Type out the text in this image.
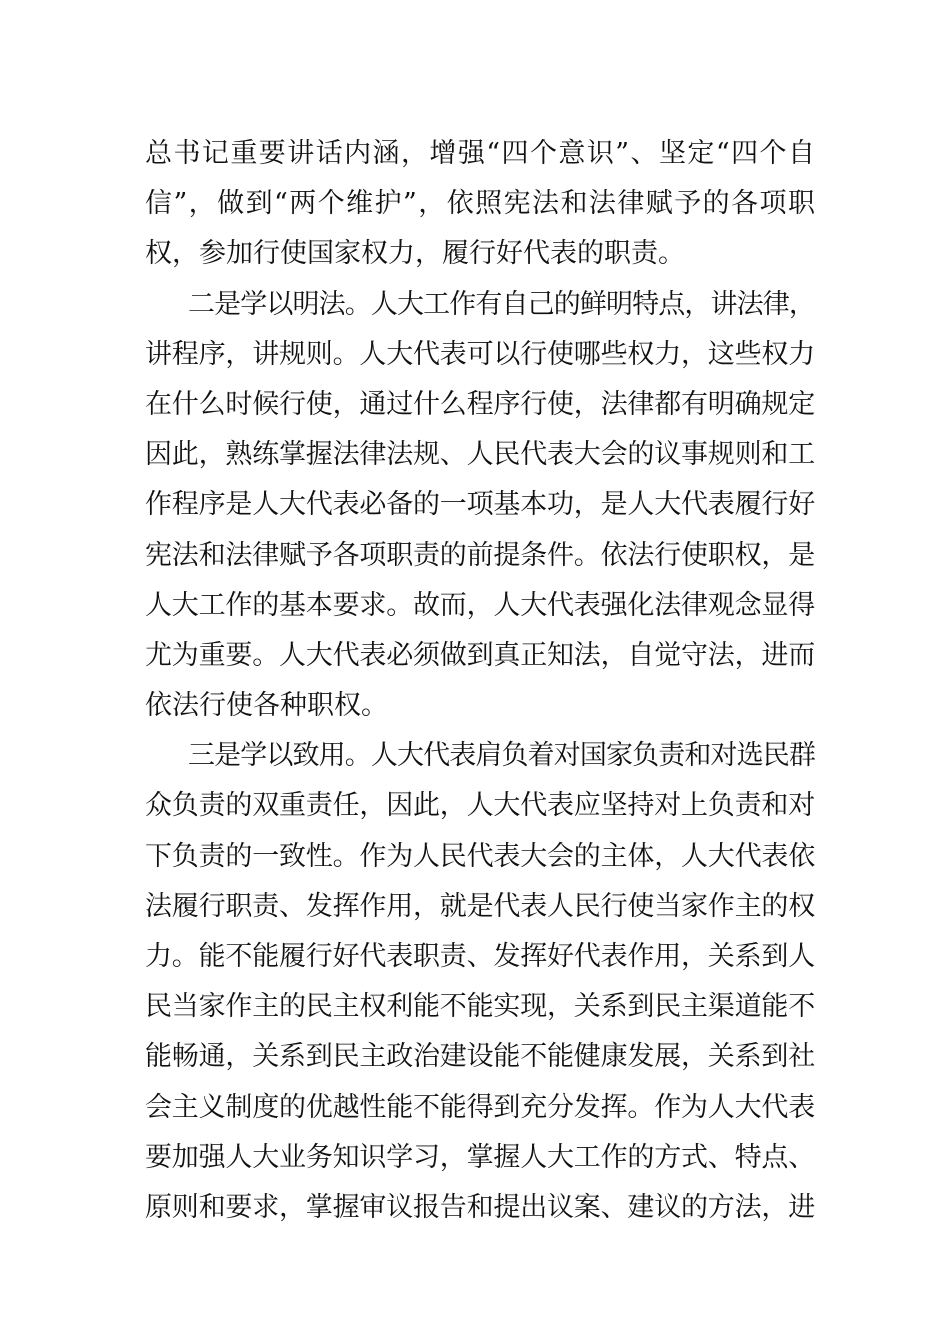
总书记重要讲话内涵，增强“四个意识”、坚定“四个自
信”，做到“两个维护”，依照宪法和法律赋予的各项职
权，参加行使国家权力，履行好代表的职责。
二是学以明法。人大工作有自己的鲜明特点，讲法律，
讲程序，讲规则。人大代表可以行使哪些权力，这些权力
在什么时候行使，通过什么程序行使，法律都有明确规定
因此，熟练掌握法律法规、人民代表大会的议事规则和工
作程序是人大代表必备的一项基本功，是人大代表履行好
宪法和法律赋予各项职责的前提条件。依法行使职权，是
人大工作的基本要求。故而，人大代表强化法律观念显得
尤为重要。人大代表必须做到真正知法，自觉守法，进而
依法行使各种职权。
三是学以致用。人大代表肩负着对国家负责和对选民群
众负责的双重责任，因此，人大代表应坚持对上负责和对
下负责的一致性。作为人民代表大会的主体，人大代表依
法履行职责、发挥作用，就是代表人民行使当家作主的权
力。能不能履行好代表职责、发挥好代表作用，关系到人
民当家作主的民主权利能不能实现，关系到民主渠道能不
能畅通，关系到民主政治建设能不能健康发展，关系到社
会主义制度的优越性能不能得到充分发挥。作为人大代表
要加强人大业务知识学习，掌握人大工作的方式、特点、
原则和要求，掌握审议报告和提出议案、建议的方法，进
